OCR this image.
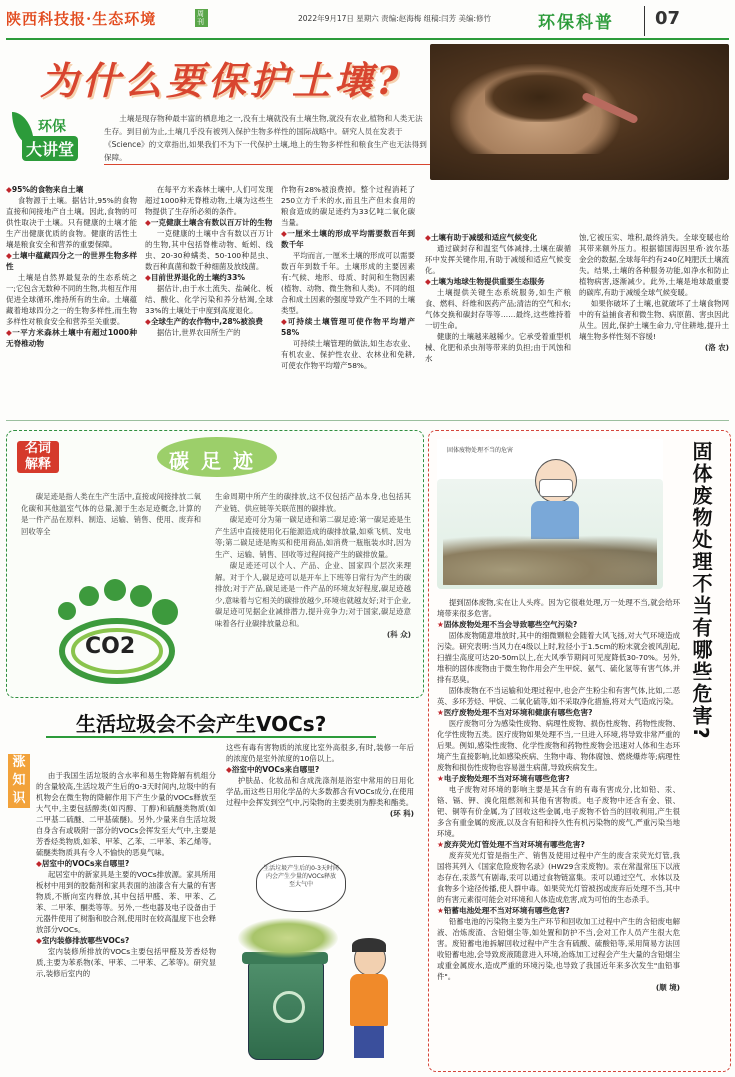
陕西科技报·生态环境	周刊	2022年9月17日 星期六 责编:赵海梅 组稿:闫芳 美编:修竹	环保科普 07
为什么要保护土壤?
环保
大讲堂

土壤是现存物种最丰富的栖息地之一,没有土壤就没有土壤生物,就没有农业,植物和人类无法生存。到目前为止,土壤几乎没有被列入保护生物多样性的国际战略中。研究人员在发表于《Science》的文章指出,如果我们不为下一代保护土壤,地上的生物多样性和粮食生产也无法得到保障。

◆ 95%的食物来自土壤

食物源于土壤。据估计,95%的食物直接和间接地产自土壤。因此,食物的可供性取决于土壤。只有健康的土壤才能生产出健康优质的食物。健康的活性土壤是粮食安全和营养的重要保障。

◆ 土壤中蕴藏四分之一的世界生物多样性

土壤是自然界最复杂的生态系统之一;它包含无数种不同的生物,共相互作用促进全球循环,维持所有的生命。土壤蕴藏着地球四分之一的生物多样性,而生物多样性对粮食安全和营养至关重要。

◆ 一平方米森林土壤中有超过1000种无脊椎动物

在每平方米森林土壤中,人们可发现超过1000种无脊椎动物,土壤为这些生物提供了生存所必须的条件。

◆ 一克健康土壤含有数以百万计的生物

一克健康的土壤中含有数以百万计的生物,其中包括脊椎动物、蚯蚓、线虫、20-30种螨类、50-100种昆虫、数百种真菌和数千种细菌及放线菌。

◆ 目前世界退化的土壤约33%

据估计,由于水土流失、盐碱化、板结、酸化、化学污染和养分枯竭,全球33%的土壤处于中度到高度退化。

◆ 全球生产的农作物中,28%被浪费

据估计,世界农田所生产的

作物有28%被浪费掉。整个过程消耗了250立方千米的水,而且生产但未食用的粮食造成的碳足迹约为33亿吨二氧化碳当量。

◆ 一厘米土壤的形成平均需要数百年到数千年

平均而言,一厘米土壤的形成可以需要数百年到数千年。土壤形成的主要因素有:气候、地形、母质、时间和生物因素(植物、动物、微生物和人类)。不同的组合和成土因素的强度导致产生不同的土壤类型。

◆ 可持续土壤管理可使作物平均增产58%

可持续土壤管理的做法,如生态农业、有机农业、保护性农业、农林业和免耕,可使农作物平均增产58%。

◆ 土壤有助于减缓和适应气候变化

通过碳封存和温室气体减排,土壤在碳循环中发挥关键作用,有助于减缓和适应气候变化。

◆ 土壤为地球生物提供重要生态服务

土壤提供关键生态系统服务,如生产粮食、燃料、纤维和医药产品;清洁的空气和水;气体交换和碳封存等等……最终,这些维持着一切生命。

健康的土壤越来越稀少。它承受着重型机械、化肥和杀虫剂等带来的负担;由于风蚀和水

蚀,它被压实、堆积,最终消失。全球变暖也给其带来额外压力。根据德国海因里希·波尔基金会的数据,全球每年约有240亿吨肥沃土壤流失。结果,土壤的各种服务功能,如净水和防止植物病害,逐渐减少。此外,土壤是地球最重要的碳库,有助于减缓全球气候变暖。

如果你破坏了土壤,也就破坏了土壤食物网中的有益捕食者和微生物、病原菌、害虫因此从生。因此,保护土壤生命力,守住耕地,提升土壤生物多样性刻不容缓!

(洛 农)
名词
解释	碳足迹

碳足迹是指人类在生产生活中,直接或间接排放二氧化碳和其他温室气体的总量,源于生态足迹概念,计算的是一件产品在原料、制造、运输、销售、使用、废弃和回收等全

CO2

生命周期中所产生的碳排放,这不仅包括产品本身,也包括其产业链、供应链等关联范围的碳排放。

碳足迹可分为第一碳足迹和第二碳足迹:第一碳足迹是生产生活中直接使用化石能源造成的碳排放量,如乘飞机、发电等;第二碳足迹是购买和使用商品,如消费一瓶瓶装水时,因为生产、运输、销售、回收等过程间接产生的碳排放量。

碳足迹还可以个人、产品、企业、国家四个层次来理解。对于个人,碳足迹可以是开车上下班等日常行为产生的碳排放;对于产品,碳足迹是一件产品的环境友好程度,碳足迹越少,意味着与它相关的碳排放越少,环境也就越友好;对于企业,碳足迹可见据企业减排潜力,提升竞争力;对于国家,碳足迹意味着各行业碳排放量总和。

(科 众)
涨
知
识
生活垃圾会不会产生VOCs?

由于我国生活垃圾的含水率和易生物降解有机组分的含量较高,生活垃圾产生后的0-3天时间内,垃圾中的有机物会在微生物的降解作用下产生少量的VOCs释放至大气中,主要包括醇类(如丙醇、丁醇)和硫醚类物质(如二甲基二硫醚、二甲基硫醚)。另外,少量来自生活垃圾自身含有或吸附一部分的VOCs会挥发至大气中,主要是芳香烃类物质,如苯、甲苯、乙苯、二甲苯、苯乙烯等。硫醚类物质具有令人不愉快的恶臭气味。

◆ 居室中的VOCs来自哪里?

起居室中的新家具是主要的VOCs排放源。家具所用板材中用到的胶黏剂和家具表面的油漆含有大量的有害物质,不断向室内释放,其中包括甲醛、苯、甲苯、乙苯、二甲苯、酮类等等。另外,一些电器及电子设备由于元器件使用了树脂和胶合剂,使用时在较高温度下也会释放部分VOCs。

◆ 室内装修排放哪些VOCs?

室内装修所排放的VOCs主要包括甲醛及芳香烃物质,主要为苯系物(苯、甲苯、二甲苯、乙苯等)。研究显示,装修后室内的

这些有毒有害物质的浓度比室外高很多,有时,装修一年后的浓度仍是室外浓度的10倍以上。

◆ 浴室中的VOCs来自哪里?

护肤品、化妆品和含成洗涤剂是浴室中常用的日用化学品,而这些日用化学品的大多数都含有VOCs成分,在使用过程中会挥发到空气中,污染物的主要类别为醇类和酯类。

(环 科)
生活垃圾产生后的0-3天时间内会产生少量的VOCs释放至大气中
固体废物处理不当的危害	固体废物处理不当有哪些危害?

提到固体废物,实在让人头疼。因为它很难处理,万一处理不当,就会给环境带来很多危害。

★ 固体废物处理不当会导致哪些空气污染?

固体废物随意堆放时,其中的细微颗粒会随着大风飞扬,对大气环境造成污染。研究表明:当风力在4级以上时,粒径小于1.5cm的粉末就会被风刮起,扫描尘高度可达20-50m以上,在大风季节期间可见度降低30-70%。另外,堆积的固体废物由于微生物作用会产生甲烷、氨气、硫化氢等有害气体,并排有恶臭。

固体废物在不当运输和处理过程中,也会产生粉尘和有害气体,比如,二恶英、多环芳烃、甲烷、二氧化硫等,如不采取净化措施,将对大气造成污染。

★ 医疗废物处理不当对环境和健康有哪些危害?

医疗废物可分为感染性废物、病理性废物、损伤性废物、药物性废物、化学性废物五类。医疗废物如果处理不当,一旦进入环境,将导致非常严重的后果。例如,感染性废物、化学性废物和药物性废物会迅速对人体和生态环境产生直接影响,比如感染疾病、生物中毒、物体腐蚀、燃烧爆炸等;病理性废物和损伤性废物也容易滋生病菌,导致疾病发生。

★ 电子废物处理不当对环境有哪些危害?

电子废物对环境的影响主要是其含有的有毒有害成分,比如铅、汞、铬、镉、钾、溴化阻燃剂和其他有害物质。电子废物中还含有金、银、钯、铜等有价金属,为了回收这些金属,电子废物不恰当的回收利用,产生很多含有重金属的废液,以及含有铅和持久性有机污染物的废气,严重污染当地环境。

★ 废弃荧光灯管处理不当对环境有哪些危害?

废弃荧光灯管是指生产、销售及使用过程中产生的废含汞荧光灯管,我国将其列入《国家危险废物名录》(HW29含汞废物)。汞在常温常压下以液态存在,汞蒸气有剧毒,汞可以通过食物链富集。汞可以通过空气、水体以及食物多个途径传播,使人群中毒。如果荧光灯管被拐或废弃后处理不当,其中的有害元素很可能会对环境和人体造成危害,成为可怕的生态杀手。

★ 铅蓄电池处理不当对环境有哪些危害?

铅蓄电池的污染物主要为生产环节和回收加工过程中产生的含铅废电解液、冶炼废渣、含铅烟尘等,如处置和防护不当,会对工作人员产生很大危害。废铅蓄电池拆解回收过程中产生含有硫酸、硫酸铅等,采用简易方法回收铅蓄电池,会导致废液随意进入环境,冶炼加工过程会产生大量的含铅烟尘或重金属废水,造成严重的环境污染,也导致了我国近年来多次发生"血铅事件"。

(顺 境)
